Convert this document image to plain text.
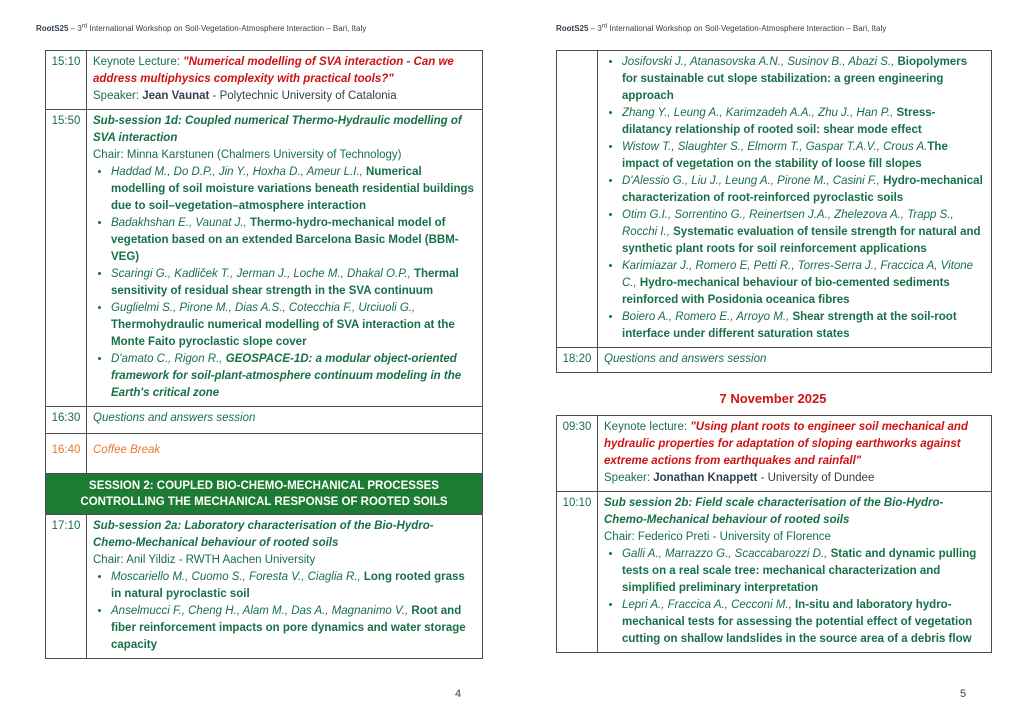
RootS25 – 3rd International Workshop on Soil-Vegetation-Atmosphere Interaction – Bari, Italy	RootS25 – 3rd International Workshop on Soil-Vegetation-Atmosphere Interaction – Bari, Italy
15:10	Keynote Lecture: "Numerical modelling of SVA interaction - Can we address multiphysics complexity with practical tools?"
Speaker: Jean Vaunat - Polytechnic University of Catalonia
15:50	Sub-session 1d: Coupled numerical Thermo-Hydraulic modelling of SVA interaction
Chair: Minna Karstunen (Chalmers University of Technology)
• Haddad M., Do D.P., Jin Y., Hoxha D., Ameur L.I., Numerical modelling of soil moisture variations beneath residential buildings due to soil–vegetation–atmosphere interaction
• Badakhshan E., Vaunat J., Thermo-hydro-mechanical model of vegetation based on an extended Barcelona Basic Model (BBM-VEG)
• Scaringi G., Kadliček T., Jerman J., Loche M., Dhakal O.P., Thermal sensitivity of residual shear strength in the SVA continuum
• Guglielmi S., Pirone M., Dias A.S., Cotecchia F., Urciuoli G., Thermohydraulic numerical modelling of SVA interaction at the Monte Faito pyroclastic slope cover
• D'amato C., Rigon R., GEOSPACE-1D: a modular object-oriented framework for soil-plant-atmosphere continuum modeling in the Earth's critical zone
16:30	Questions and answers session
16:40	Coffee Break
SESSION 2: COUPLED BIO-CHEMO-MECHANICAL PROCESSES CONTROLLING THE MECHANICAL RESPONSE OF ROOTED SOILS
17:10	Sub-session 2a: Laboratory characterisation of the Bio-Hydro-Chemo-Mechanical behaviour of rooted soils
Chair: Anil Yildiz - RWTH Aachen University
• Moscariello M., Cuomo S., Foresta V., Ciaglia R., Long rooted grass in natural pyroclastic soil
• Anselmucci F., Cheng H., Alam M., Das A., Magnanimo V., Root and fiber reinforcement impacts on pore dynamics and water storage capacity
• Josifovski J., Atanasovska A.N., Susinov B., Abazi S., Biopolymers for sustainable cut slope stabilization: a green engineering approach
• Zhang Y., Leung A., Karimzadeh A.A., Zhu J., Han P., Stress-dilatancy relationship of rooted soil: shear mode effect
• Wistow T., Slaughter S., Elmorm T., Gaspar T.A.V., Crous A.The impact of vegetation on the stability of loose fill slopes
• D'Alessio G., Liu J., Leung A., Pirone M., Casini F., Hydro-mechanical characterization of root-reinforced pyroclastic soils
• Otim G.I., Sorrentino G., Reinertsen J.A., Zhelezova A., Trapp S., Rocchi I., Systematic evaluation of tensile strength for natural and synthetic plant roots for soil reinforcement applications
• Karimiazar J., Romero E, Petti R., Torres-Serra J., Fraccica A, Vitone C., Hydro-mechanical behaviour of bio-cemented sediments reinforced with Posidonia oceanica fibres
• Boiero A., Romero E., Arroyo M., Shear strength at the soil-root interface under different saturation states
18:20	Questions and answers session
7 November 2025
09:30	Keynote lecture: "Using plant roots to engineer soil mechanical and hydraulic properties for adaptation of sloping earthworks against extreme actions from earthquakes and rainfall"
Speaker: Jonathan Knappett - University of Dundee
10:10	Sub session 2b: Field scale characterisation of the Bio-Hydro-Chemo-Mechanical behaviour of rooted soils
Chair: Federico Preti - University of Florence
• Galli A., Marrazzo G., Scaccabarozzi D., Static and dynamic pulling tests on a real scale tree: mechanical characterization and simplified preliminary interpretation
• Lepri A., Fraccica A., Cecconi M., In-situ and laboratory hydro-mechanical tests for assessing the potential effect of vegetation cutting on shallow landslides in the source area of a debris flow
4	5
